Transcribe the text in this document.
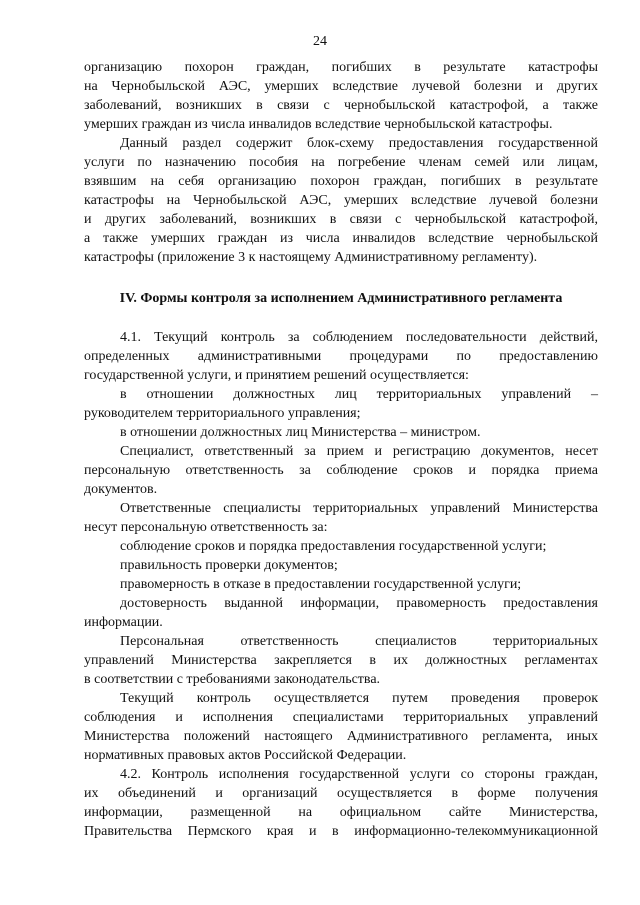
24

организацию похорон граждан, погибших в результате катастрофы
на Чернобыльской АЭС, умерших вследствие лучевой болезни и других
заболеваний, возникших в связи с чернобыльской катастрофой, а также
умерших граждан из числа инвалидов вследствие чернобыльской катастрофы.

Данный раздел содержит блок-схему предоставления государственной
услуги по назначению пособия на погребение членам семей или лицам,
взявшим на себя организацию похорон граждан, погибших в результате
катастрофы на Чернобыльской АЭС, умерших вследствие лучевой болезни
и других заболеваний, возникших в связи с чернобыльской катастрофой,
а также умерших граждан из числа инвалидов вследствие чернобыльской
катастрофы (приложение 3 к настоящему Административному регламенту).

IV. Формы контроля за исполнением Административного регламента

4.1. Текущий контроль за соблюдением последовательности действий,
определенных административными процедурами по предоставлению
государственной услуги, и принятием решений осуществляется:

в отношении должностных лиц территориальных управлений –
руководителем территориального управления;

в отношении должностных лиц Министерства – министром.

Специалист, ответственный за прием и регистрацию документов, несет
персональную ответственность за соблюдение сроков и порядка приема
документов.

Ответственные специалисты территориальных управлений Министерства
несут персональную ответственность за:

соблюдение сроков и порядка предоставления государственной услуги;

правильность проверки документов;

правомерность в отказе в предоставлении государственной услуги;

достоверность выданной информации, правомерность предоставления
информации.

Персональная ответственность специалистов территориальных
управлений Министерства закрепляется в их должностных регламентах
в соответствии с требованиями законодательства.

Текущий контроль осуществляется путем проведения проверок
соблюдения и исполнения специалистами территориальных управлений
Министерства положений настоящего Административного регламента, иных
нормативных правовых актов Российской Федерации.

4.2. Контроль исполнения государственной услуги со стороны граждан,
их объединений и организаций осуществляется в форме получения
информации, размещенной на официальном сайте Министерства,
Правительства Пермского края и в информационно-телекоммуникационной
